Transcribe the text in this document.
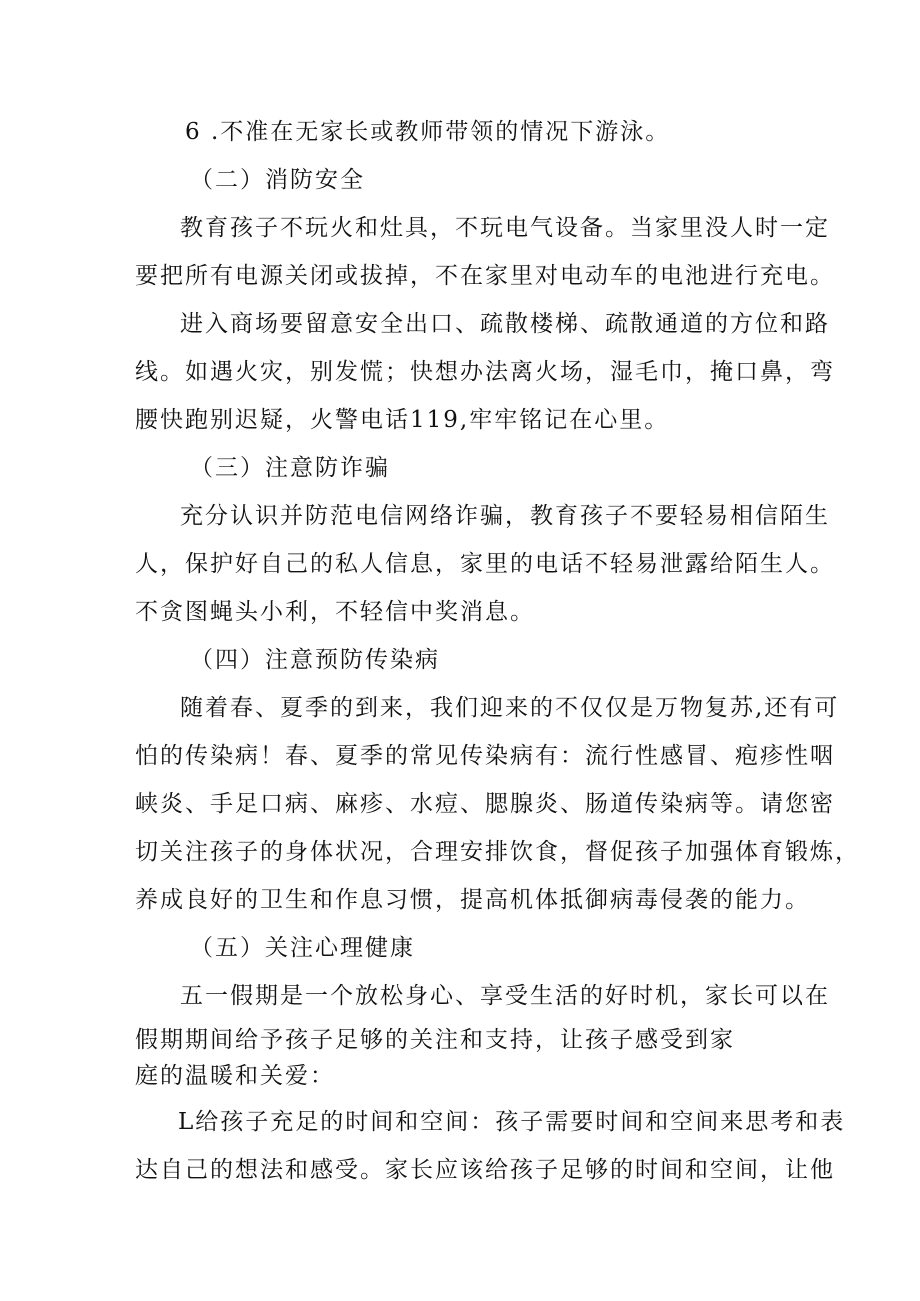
6 .不准在无家长或教师带领的情况下游泳。
（二）消防安全
教育孩子不玩火和灶具，不玩电气设备。当家里没人时一定
要把所有电源关闭或拔掉，不在家里对电动车的电池进行充电。
进入商场要留意安全出口、疏散楼梯、疏散通道的方位和路
线。如遇火灾，别发慌；快想办法离火场，湿毛巾，掩口鼻，弯
腰快跑别迟疑，火警电话119,牢牢铭记在心里。
（三）注意防诈骗
充分认识并防范电信网络诈骗，教育孩子不要轻易相信陌生
人，保护好自己的私人信息，家里的电话不轻易泄露给陌生人。
不贪图蝇头小利，不轻信中奖消息。
（四）注意预防传染病
随着春、夏季的到来，我们迎来的不仅仅是万物复苏,还有可
怕的传染病！春、夏季的常见传染病有：流行性感冒、疱疹性咽
峡炎、手足口病、麻疹、水痘、腮腺炎、肠道传染病等。请您密
切关注孩子的身体状况，合理安排饮食，督促孩子加强体育锻炼，
养成良好的卫生和作息习惯，提高机体抵御病毒侵袭的能力。
（五）关注心理健康
五一假期是一个放松身心、享受生活的好时机，家长可以在
假期期间给予孩子足够的关注和支持，让孩子感受到家
庭的温暖和关爱：
L给孩子充足的时间和空间：孩子需要时间和空间来思考和表
达自己的想法和感受。家长应该给孩子足够的时间和空间，让他
